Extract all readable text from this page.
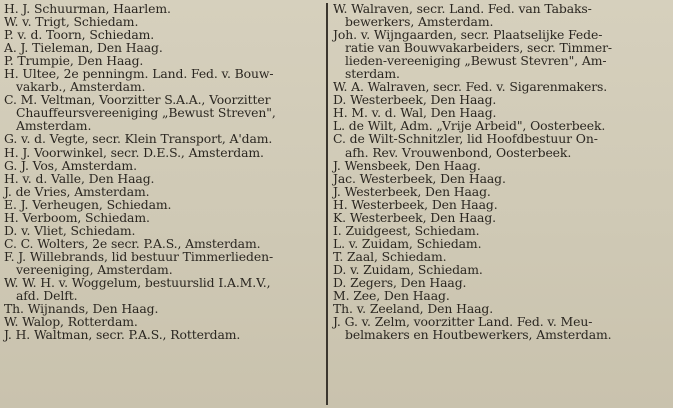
H. J. Schuurman, Haarlem.
W. v. Trigt, Schiedam.
P. v. d. Toorn, Schiedam.
A. J. Tieleman, Den Haag.
P. Trumpie, Den Haag.
H. Ultee, 2e penningm. Land. Fed. v. Bouw-
vakarb., Amsterdam.
C. M. Veltman, Voorzitter S.A.A., Voorzitter
Chauffeursvereeniging „Bewust Streven",
Amsterdam.
G. v. d. Vegte, secr. Klein Transport, A'dam.
H. J. Voorwinkel, secr. D.E.S., Amsterdam.
G. J. Vos, Amsterdam.
H. v. d. Valle, Den Haag.
J. de Vries, Amsterdam.
E. J. Verheugen, Schiedam.
H. Verboom, Schiedam.
D. v. Vliet, Schiedam.
C. C. Wolters, 2e secr. P.A.S., Amsterdam.
F. J. Willebrands, lid bestuur Timmerlieden-
vereeniging, Amsterdam.
W. W. H. v. Woggelum, bestuurslid I.A.M.V.,
afd. Delft.
Th. Wijnands, Den Haag.
W. Walop, Rotterdam.
J. H. Waltman, secr. P.A.S., Rotterdam.
W. Walraven, secr. Land. Fed. van Tabaks-
bewerkers, Amsterdam.
Joh. v. Wijngaarden, secr. Plaatselijke Fede-
ratie van Bouwvakarbeiders, secr. Timmer-
lieden-vereeniging „Bewust Stevren", Am-
sterdam.
W. A. Walraven, secr. Fed. v. Sigarenmakers.
D. Westerbeek, Den Haag.
H. M. v. d. Wal, Den Haag.
L. de Wilt, Adm. „Vrije Arbeid", Oosterbeek.
C. de Wilt-Schnitzler, lid Hoofdbestuur On-
afh. Rev. Vrouwenbond, Oosterbeek.
J. Wensbeek, Den Haag.
Jac. Westerbeek, Den Haag.
J. Westerbeek, Den Haag.
H. Westerbeek, Den Haag.
K. Westerbeek, Den Haag.
I. Zuidgeest, Schiedam.
L. v. Zuidam, Schiedam.
T. Zaal, Schiedam.
D. v. Zuidam, Schiedam.
D. Zegers, Den Haag.
M. Zee, Den Haag.
Th. v. Zeeland, Den Haag.
J. G. v. Zelm, voorzitter Land. Fed. v. Meu-
belmakers en Houtbewerkers, Amsterdam.
